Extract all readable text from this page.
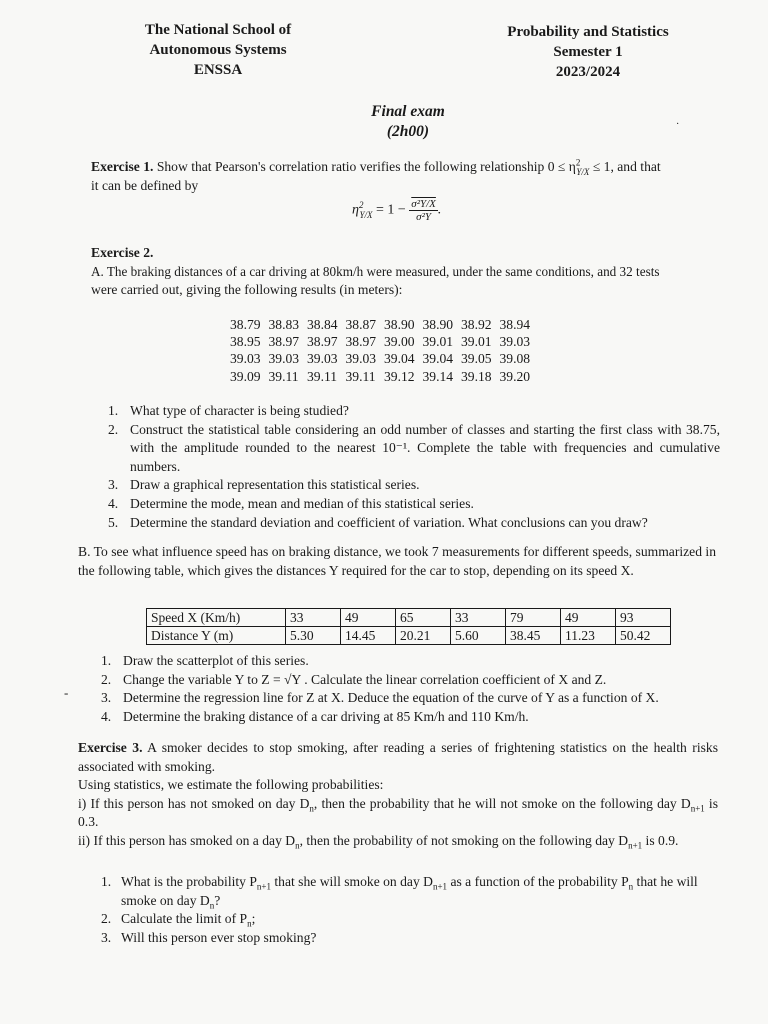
The National School of
Autonomous Systems
ENSSA
Probability and Statistics
Semester 1
2023/2024
Final exam
(2h00)	·

Exercise 1. Show that Pearson's correlation ratio verifies the following relationship $0 \le \eta^2_{Y/X} \le 1$, and that

it can be defined by

$\eta^2_{Y/X} = 1 - \frac{\text{σ²Y/X}}{\text{σ²Y}}$ .

Exercise 2.

A. The braking distances of a car driving at 80km/h were measured, under the same conditions, and 32 tests

were carried out, giving the following results (in meters):

38.79 38.83 38.84 38.87 38.90 38.90 38.92 38.94
38.95 38.97 38.97 38.97 39.00 39.01 39.01 39.03
39.03 39.03 39.03 39.03 39.04 39.04 39.05 39.08
39.09 39.11 39.11 39.11 39.12 39.14 39.18 39.20
1. What type of character is being studied?
2. Construct the statistical table considering an odd number of classes and starting the first class with 38.75, with the amplitude rounded to the nearest 10⁻¹. Complete the table with frequencies and cumulative numbers.
3. Draw a graphical representation this statistical series.
4. Determine the mode, mean and median of this statistical series.
5. Determine the standard deviation and coefficient of variation. What conclusions can you draw?

B. To see what influence speed has on braking distance, we took 7 measurements for different speeds, summarized in the following table, which gives the distances Y required for the car to stop, depending on its speed X.

Speed X (Km/h)	33	49	65	33	79	49	93
Distance Y (m)	5.30	14.45	20.21	5.60	38.45	11.23	50.42
-
1. Draw the scatterplot of this series.
2. Change the variable Y to Z = √Y . Calculate the linear correlation coefficient of X and Z.
3. Determine the regression line for Z at X. Deduce the equation of the curve of Y as a function of X.
4. Determine the braking distance of a car driving at 85 Km/h and 110 Km/h.

Exercise 3. A smoker decides to stop smoking, after reading a series of frightening statistics on the health risks associated with smoking.

Using statistics, we estimate the following probabilities:

i) If this person has not smoked on day $D_n$, then the probability that he will not smoke on the following day $D_{n+1}$ is 0.3.

ii) If this person has smoked on a day $D_n$, then the probability of not smoking on the following day $D_{n+1}$ is 0.9.

1. What is the probability $P_{n+1}$ that she will smoke on day $D_{n+1}$ as a function of the probability $P_n$ that he will smoke on day $D_n$?
2. Calculate the limit of $P_n$;
3. Will this person ever stop smoking?
